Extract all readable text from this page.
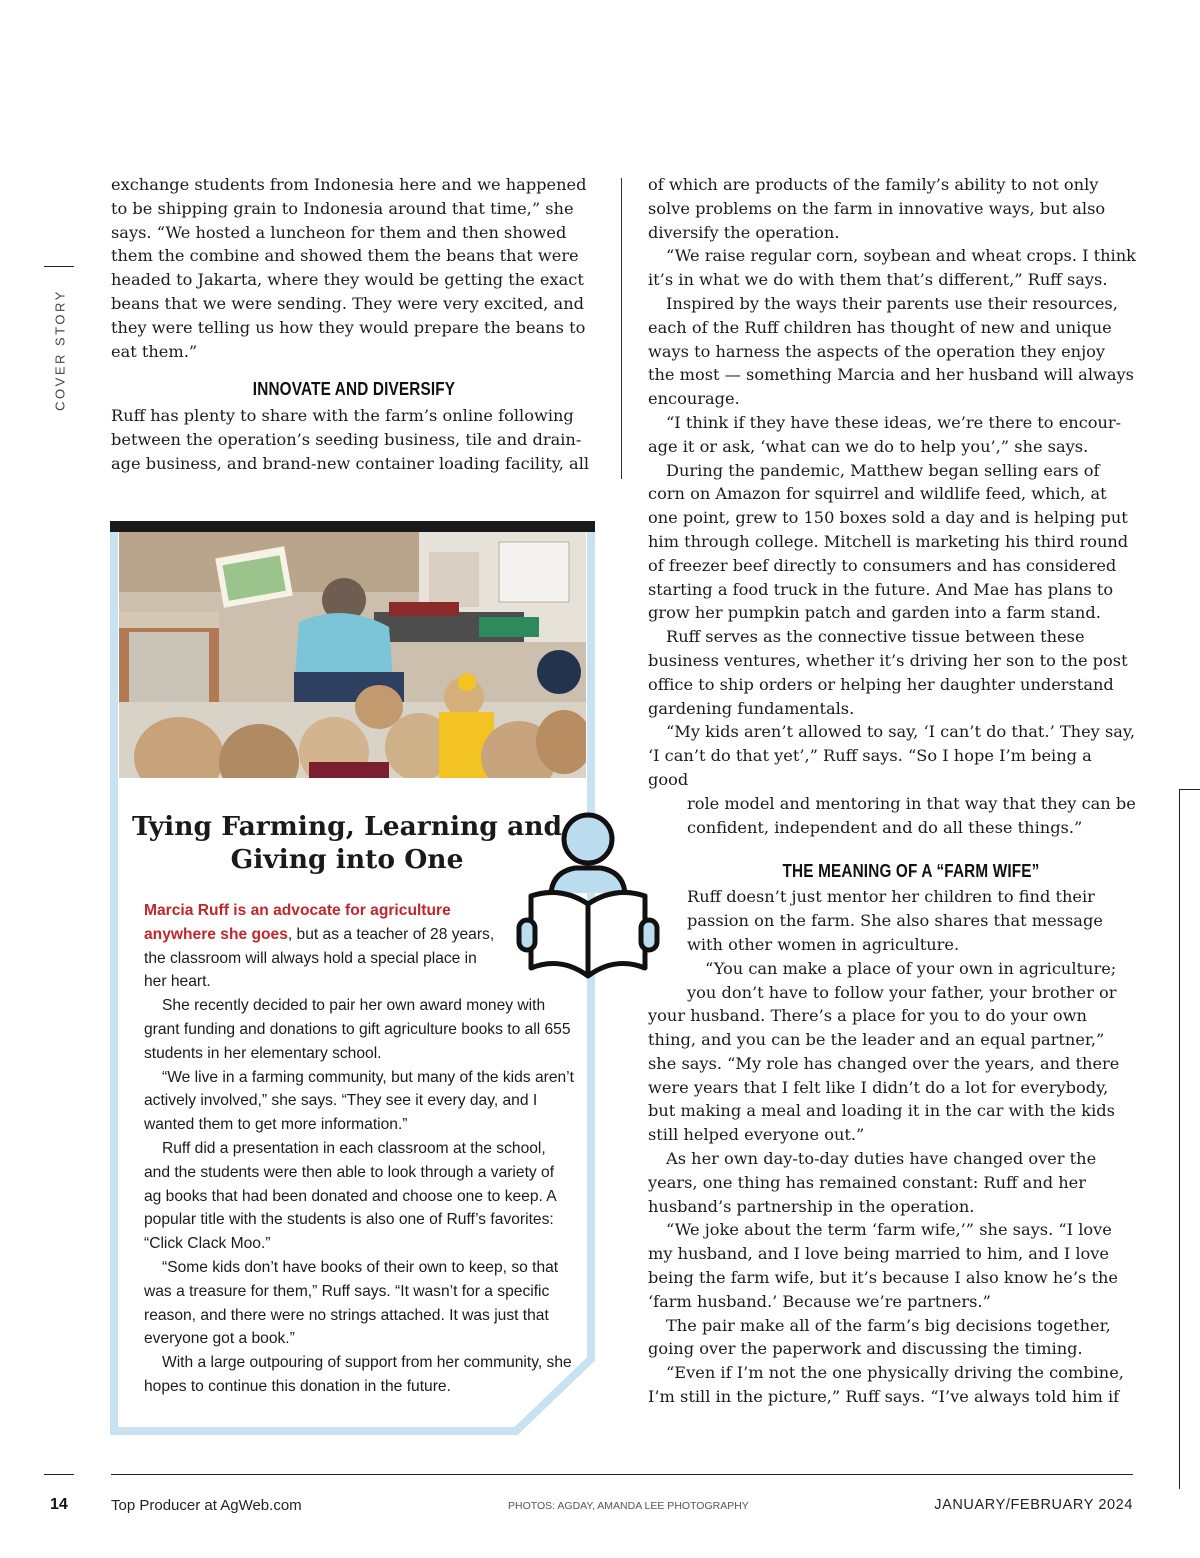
COVER STORY

exchange students from Indonesia here and we happened to be shipping grain to Indonesia around that time,” she says. “We hosted a luncheon for them and then showed them the combine and showed them the beans that were headed to Jakarta, where they would be getting the exact beans that we were sending. They were very excited, and they were telling us how they would prepare the beans to eat them.”

INNOVATE AND DIVERSIFY

Ruff has plenty to share with the farm’s online following between the operation’s seeding business, tile and drainage business, and brand-new container loading facility, all

Tying Farming, Learning and Giving into One

Marcia Ruff is an advocate for agriculture anywhere she goes, but as a teacher of 28 years, the classroom will always hold a special place in her heart.

She recently decided to pair her own award money with grant funding and donations to gift agriculture books to all 655 students in her elementary school.

“We live in a farming community, but many of the kids aren’t actively involved,” she says. “They see it every day, and I wanted them to get more information.”

Ruff did a presentation in each classroom at the school, and the students were then able to look through a variety of ag books that had been donated and choose one to keep. A popular title with the students is also one of Ruff’s favorites: “Click Clack Moo.”

“Some kids don’t have books of their own to keep, so that was a treasure for them,” Ruff says. “It wasn’t for a specific reason, and there were no strings attached. It was just that everyone got a book.”

With a large outpouring of support from her community, she hopes to continue this donation in the future.

of which are products of the family’s ability to not only solve problems on the farm in innovative ways, but also diversify the operation.

“We raise regular corn, soybean and wheat crops. I think it’s in what we do with them that’s different,” Ruff says.

Inspired by the ways their parents use their resources, each of the Ruff children has thought of new and unique ways to harness the aspects of the operation they enjoy the most — something Marcia and her husband will always encourage.

“I think if they have these ideas, we’re there to encourage it or ask, ‘what can we do to help you’,” she says.

During the pandemic, Matthew began selling ears of corn on Amazon for squirrel and wildlife feed, which, at one point, grew to 150 boxes sold a day and is helping put him through college. Mitchell is marketing his third round of freezer beef directly to consumers and has considered starting a food truck in the future. And Mae has plans to grow her pumpkin patch and garden into a farm stand.

Ruff serves as the connective tissue between these business ventures, whether it’s driving her son to the post office to ship orders or helping her daughter understand gardening fundamentals.

“My kids aren’t allowed to say, ‘I can’t do that.’ They say, ‘I can’t do that yet’,” Ruff says. “So I hope I’m being a good

role model and mentoring in that way that they can be confident, independent and do all these things.”

THE MEANING OF A “FARM WIFE”

Ruff doesn’t just mentor her children to find their passion on the farm. She also shares that message with other women in agriculture.

“You can make a place of your own in agriculture; you don’t have to follow your father, your brother or

your husband. There’s a place for you to do your own thing, and you can be the leader and an equal partner,” she says. “My role has changed over the years, and there were years that I felt like I didn’t do a lot for everybody, but making a meal and loading it in the car with the kids still helped everyone out.”

As her own day-to-day duties have changed over the years, one thing has remained constant: Ruff and her husband’s partnership in the operation.

“We joke about the term ‘farm wife,’” she says. “I love my husband, and I love being married to him, and I love being the farm wife, but it’s because I also know he’s the ‘farm husband.’ Because we’re partners.”

The pair make all of the farm’s big decisions together, going over the paperwork and discussing the timing.

“Even if I’m not the one physically driving the combine, I’m still in the picture,” Ruff says. “I’ve always told him if

14	Top Producer at AgWeb.com	PHOTOS: AGDAY, AMANDA LEE PHOTOGRAPHY	JANUARY/FEBRUARY 2024
